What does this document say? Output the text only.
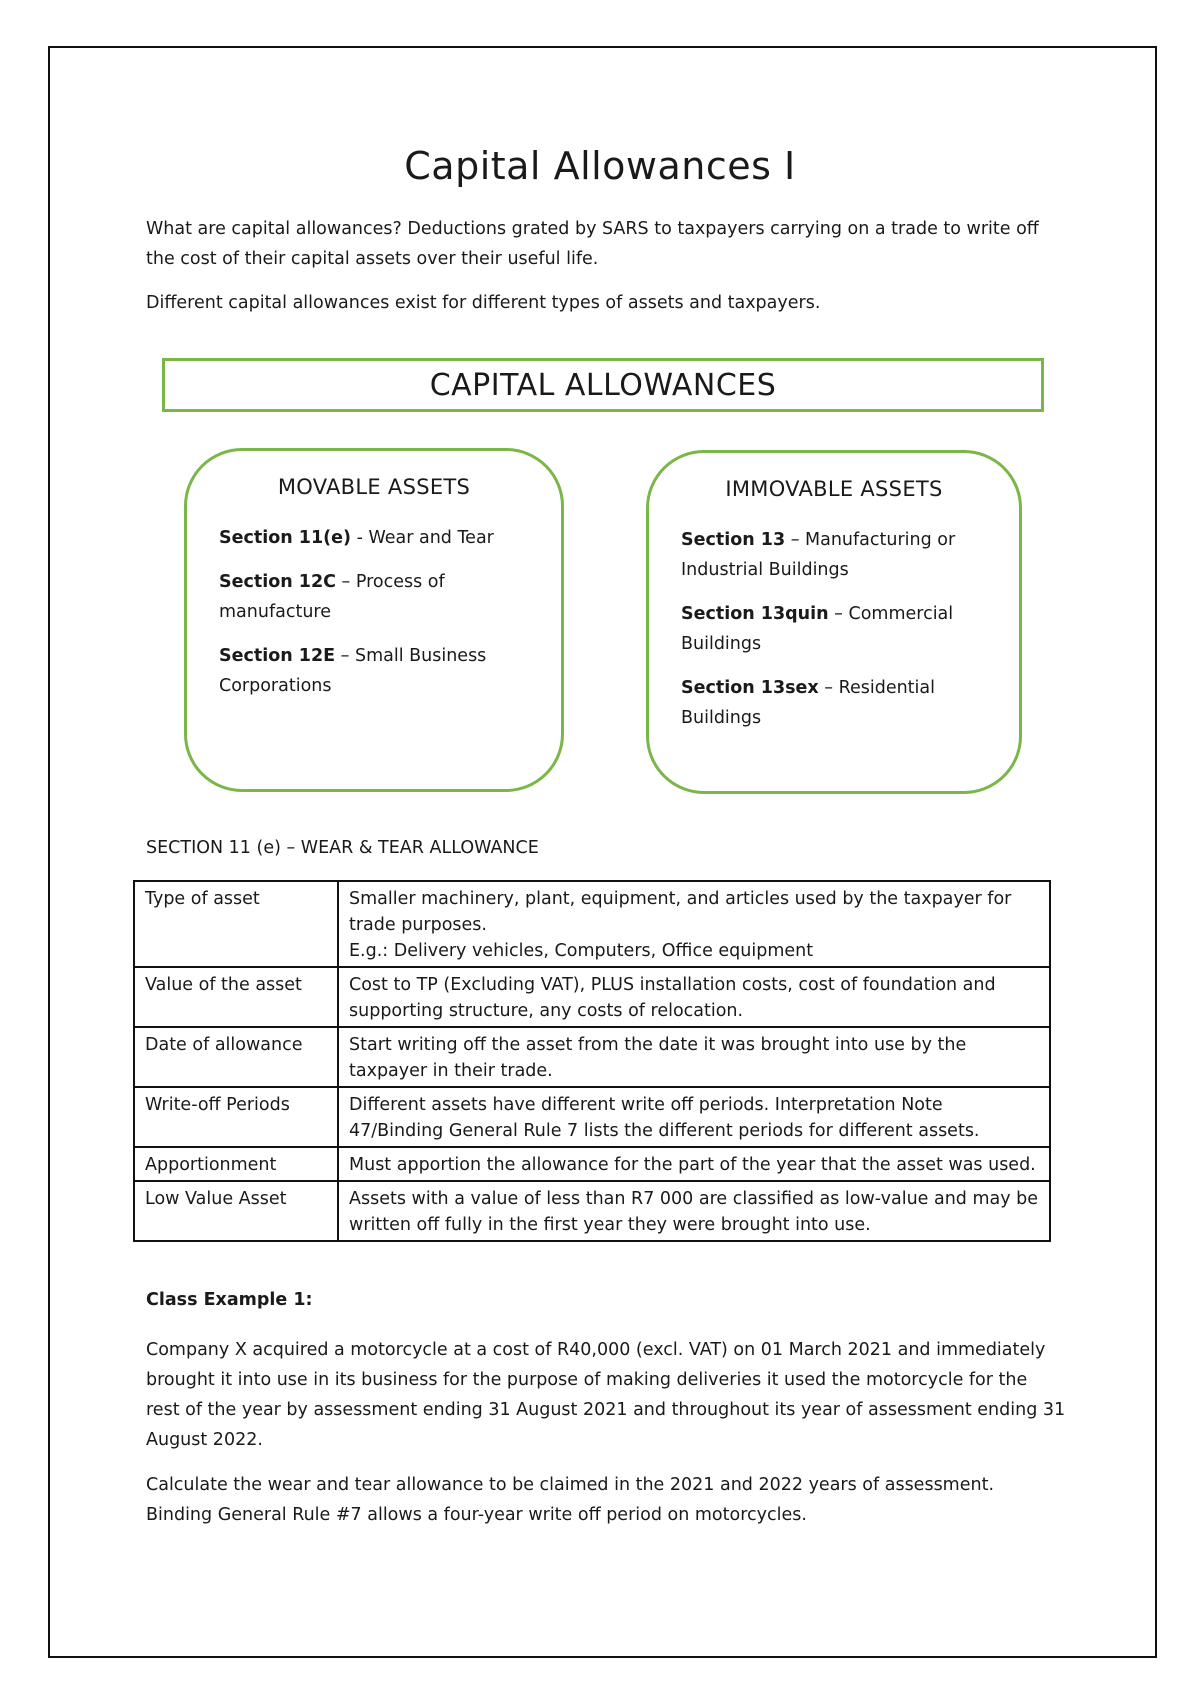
Capital Allowances I
What are capital allowances? Deductions grated by SARS to taxpayers carrying on a trade to write off the cost of their capital assets over their useful life.
Different capital allowances exist for different types of assets and taxpayers.
CAPITAL ALLOWANCES
MOVABLE ASSETS
Section 11(e) - Wear and Tear
Section 12C – Process of manufacture
Section 12E – Small Business Corporations
IMMOVABLE ASSETS
Section 13 – Manufacturing or Industrial Buildings
Section 13quin – Commercial Buildings
Section 13sex – Residential Buildings
SECTION 11 (e) – WEAR & TEAR ALLOWANCE
Type of asset	Smaller machinery, plant, equipment, and articles used by the taxpayer for trade purposes.
E.g.: Delivery vehicles, Computers, Office equipment

Value of the asset	Cost to TP (Excluding VAT), PLUS installation costs, cost of foundation and supporting structure, any costs of relocation.
Date of allowance	Start writing off the asset from the date it was brought into use by the taxpayer in their trade.
Write-off Periods	Different assets have different write off periods. Interpretation Note 47/Binding General Rule 7 lists the different periods for different assets.
Apportionment	Must apportion the allowance for the part of the year that the asset was used.
Low Value Asset	Assets with a value of less than R7 000 are classified as low-value and may be written off fully in the first year they were brought into use.
Class Example 1:
Company X acquired a motorcycle at a cost of R40,000 (excl. VAT) on 01 March 2021 and immediately brought it into use in its business for the purpose of making deliveries it used the motorcycle for the rest of the year by assessment ending 31 August 2021 and throughout its year of assessment ending 31 August 2022.
Calculate the wear and tear allowance to be claimed in the 2021 and 2022 years of assessment.
Binding General Rule #7 allows a four-year write off period on motorcycles.
